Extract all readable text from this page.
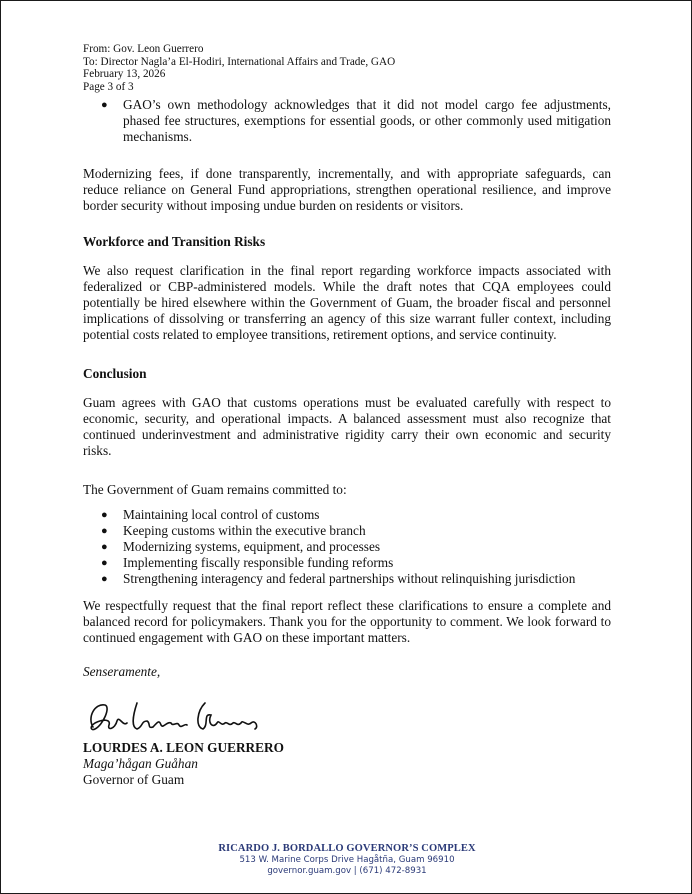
From: Gov. Leon Guerrero
To: Director Nagla’a El-Hodiri, International Affairs and Trade, GAO
February 13, 2026
Page 3 of 3
● GAO’s own methodology acknowledges that it did not model cargo fee adjustments, phased fee structures, exemptions for essential goods, or other commonly used mitigation mechanisms.
Modernizing fees, if done transparently, incrementally, and with appropriate safeguards, can reduce reliance on General Fund appropriations, strengthen operational resilience, and improve border security without imposing undue burden on residents or visitors.
Workforce and Transition Risks
We also request clarification in the final report regarding workforce impacts associated with federalized or CBP-administered models. While the draft notes that CQA employees could potentially be hired elsewhere within the Government of Guam, the broader fiscal and personnel implications of dissolving or transferring an agency of this size warrant fuller context, including potential costs related to employee transitions, retirement options, and service continuity.
Conclusion
Guam agrees with GAO that customs operations must be evaluated carefully with respect to economic, security, and operational impacts. A balanced assessment must also recognize that continued underinvestment and administrative rigidity carry their own economic and security risks.
The Government of Guam remains committed to:
● Maintaining local control of customs
● Keeping customs within the executive branch
● Modernizing systems, equipment, and processes
● Implementing fiscally responsible funding reforms
● Strengthening interagency and federal partnerships without relinquishing jurisdiction
We respectfully request that the final report reflect these clarifications to ensure a complete and balanced record for policymakers. Thank you for the opportunity to comment. We look forward to continued engagement with GAO on these important matters.
Senseramente,
LOURDES A. LEON GUERRERO
Maga’hågan Guåhan
Governor of Guam
RICARDO J. BORDALLO GOVERNOR’S COMPLEX
513 W. Marine Corps Drive Hagåtña, Guam 96910
governor.guam.gov | (671) 472-8931
